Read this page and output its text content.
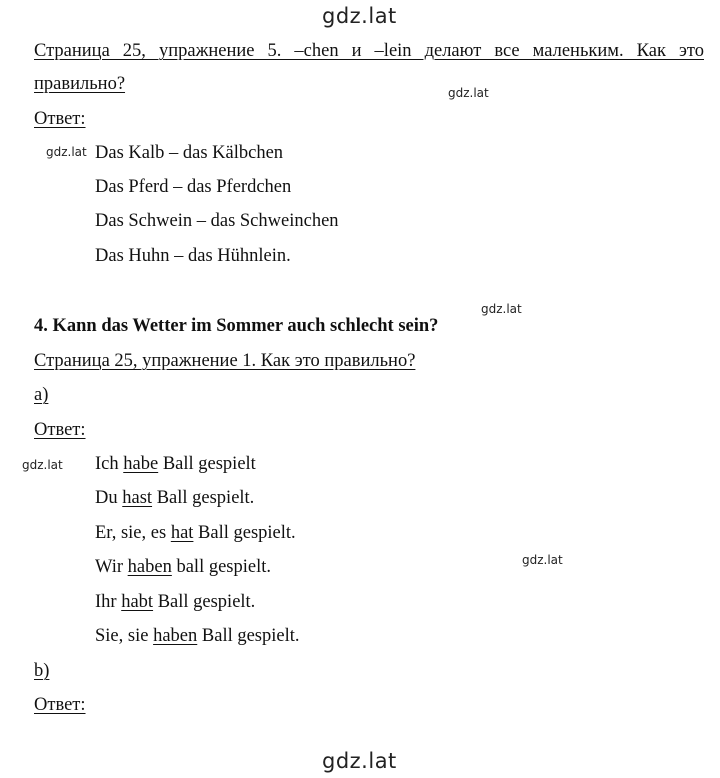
gdz.lat
gdz.lat
gdz.lat
gdz.lat
gdz.lat
gdz.lat
gdz.lat
Страница 25, упражнение 5. –chen и –lein делают все маленьким. Как это
правильно?
Ответ:
Das Kalb – das Kälbchen
Das Pferd – das Pferdchen
Das Schwein – das Schweinchen
Das Huhn – das Hühnlein.
4. Kann das Wetter im Sommer auch schlecht sein?
Страница 25, упражнение 1. Как это правильно?
a)
Ответ:
Ich habe Ball gespielt
Du hast Ball gespielt.
Er, sie, es hat Ball gespielt.
Wir haben ball gespielt.
Ihr habt Ball gespielt.
Sie, sie haben Ball gespielt.
b)
Ответ:
